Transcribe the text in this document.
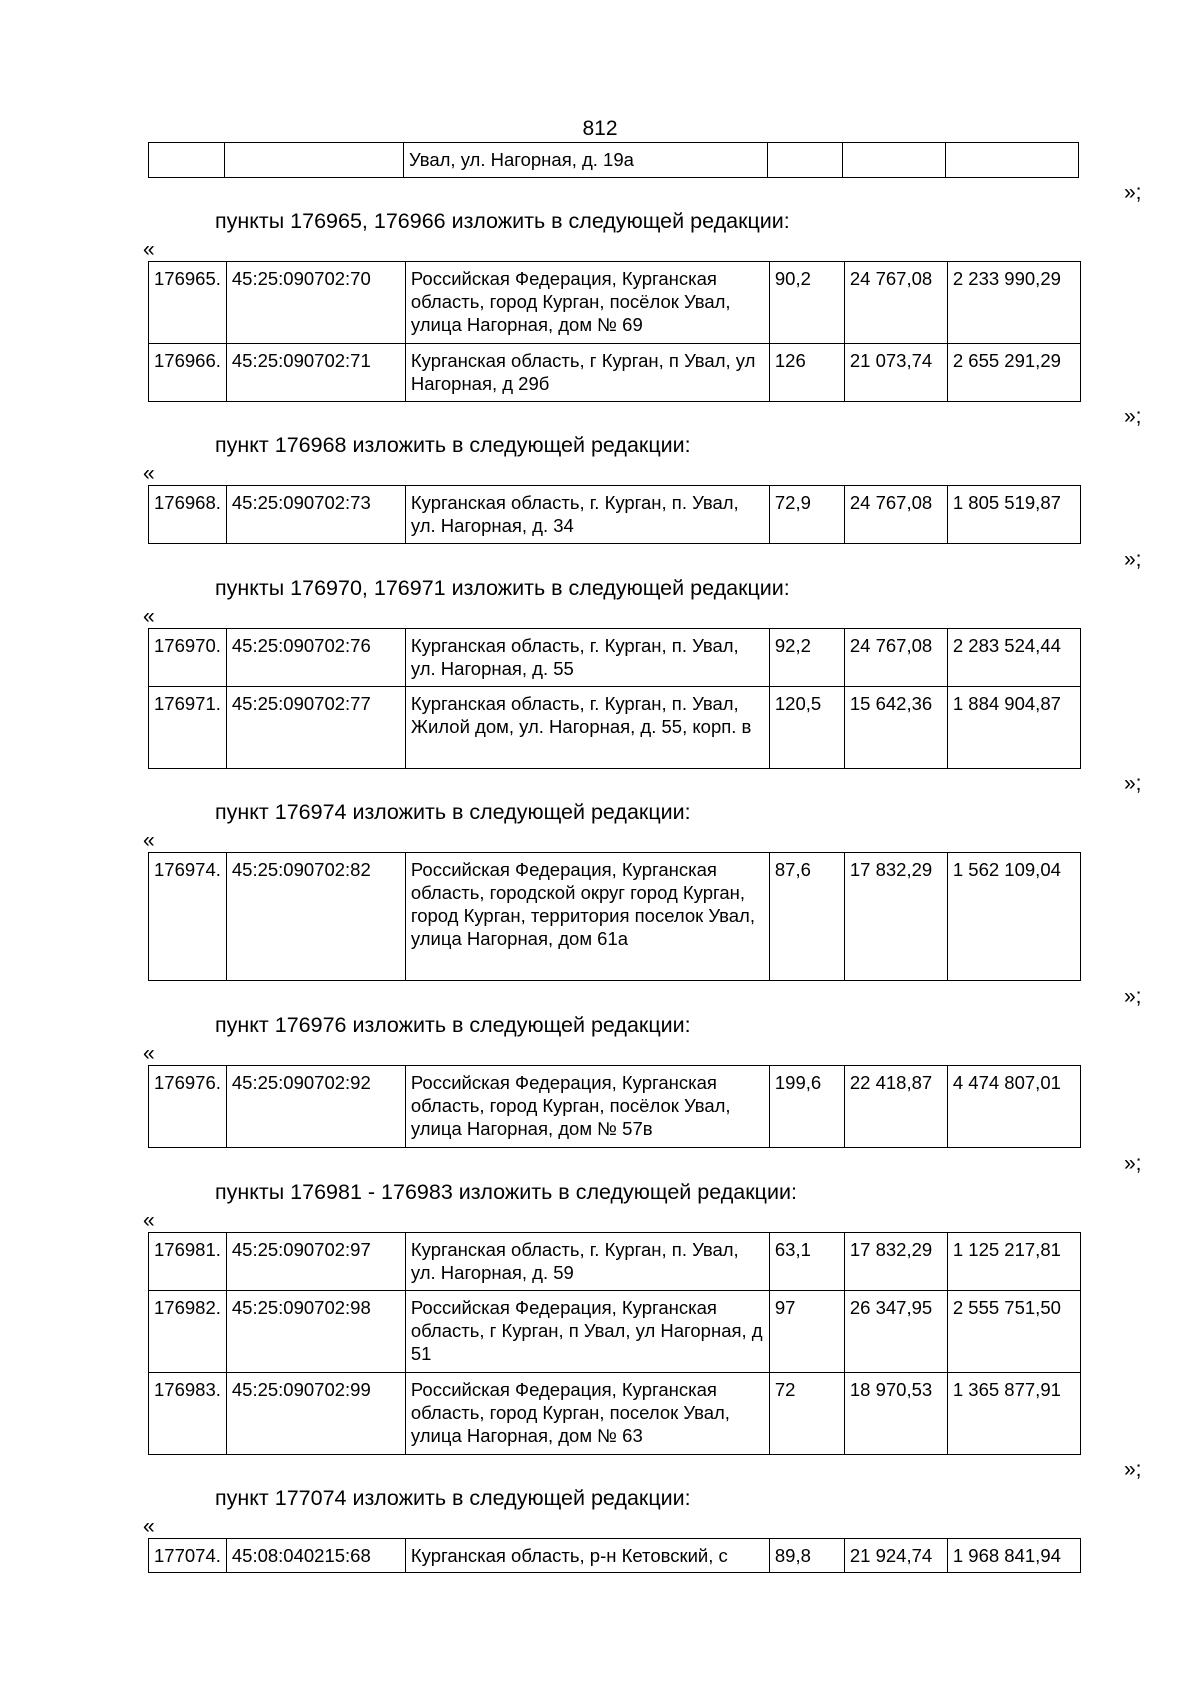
812
		Увал, ул. Нагорная, д. 19а			
»;
пункты 176965, 176966 изложить в следующей редакции:
«
176965.	45:25:090702:70	Российская Федерация, Курганская область, город Курган, посёлок Увал, улица Нагорная, дом № 69	90,2	24 767,08	2 233 990,29
176966.	45:25:090702:71	Курганская область, г Курган, п Увал, ул Нагорная, д 29б	126	21 073,74	2 655 291,29
»;
пункт 176968 изложить в следующей редакции:
«
176968.	45:25:090702:73	Курганская область, г. Курган, п. Увал, ул. Нагорная, д. 34	72,9	24 767,08	1 805 519,87
»;
пункты 176970, 176971 изложить в следующей редакции:
«
176970.	45:25:090702:76	Курганская область, г. Курган, п. Увал, ул. Нагорная, д. 55	92,2	24 767,08	2 283 524,44
176971.	45:25:090702:77	Курганская область, г. Курган, п. Увал, Жилой дом, ул. Нагорная, д. 55, корп. в	120,5	15 642,36	1 884 904,87
»;
пункт 176974 изложить в следующей редакции:
«
176974.	45:25:090702:82	Российская Федерация, Курганская область, городской округ город Курган, город Курган, территория поселок Увал, улица Нагорная, дом 61а	87,6	17 832,29	1 562 109,04
»;
пункт 176976 изложить в следующей редакции:
«
176976.	45:25:090702:92	Российская Федерация, Курганская область, город Курган, посёлок Увал, улица Нагорная, дом № 57в	199,6	22 418,87	4 474 807,01
»;
пункты 176981 - 176983 изложить в следующей редакции:
«
176981.	45:25:090702:97	Курганская область, г. Курган, п. Увал, ул. Нагорная, д. 59	63,1	17 832,29	1 125 217,81
176982.	45:25:090702:98	Российская Федерация, Курганская область, г Курган, п Увал, ул Нагорная, д 51	97	26 347,95	2 555 751,50
176983.	45:25:090702:99	Российская Федерация, Курганская область, город Курган, поселок Увал, улица Нагорная, дом № 63	72	18 970,53	1 365 877,91
»;
пункт 177074 изложить в следующей редакции:
«
177074.	45:08:040215:68	Курганская область, р-н Кетовский, с	89,8	21 924,74	1 968 841,94
